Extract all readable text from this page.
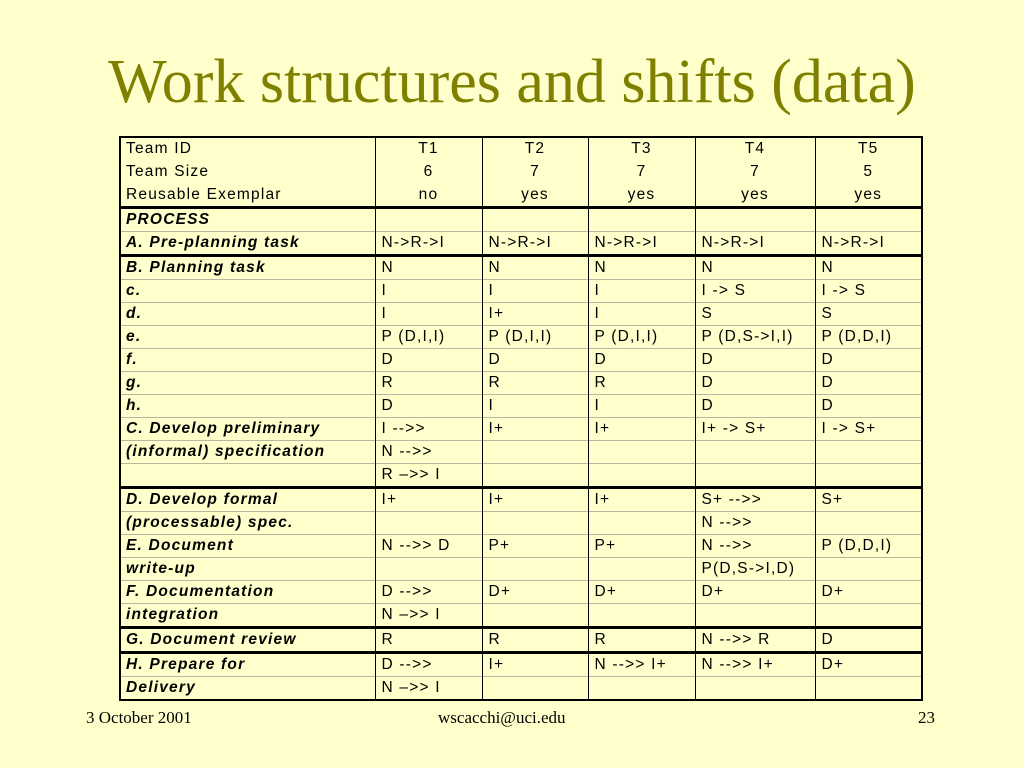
Work structures and shifts (data)
Team ID	T1	T2	T3	T4	T5
Team Size	6	7	7	7	5
Reusable Exemplar	no	yes	yes	yes	yes
PROCESS					
A. Pre-planning task	N->R->I	N->R->I	N->R->I	N->R->I	N->R->I
B. Planning task	N	N	N	N	N
c.	I	I	I	I -> S	I -> S
d.	I	I+	I	S	S
e.	P (D,I,I)	P (D,I,I)	P (D,I,I)	P (D,S->I,I)	P (D,D,I)
f.	D	D	D	D	D
g.	R	R	R	D	D
h.	D	I	I	D	D
C. Develop preliminary	I -->>	I+	I+	I+ -> S+	I -> S+
(informal) specification	N -->>				
	R –>> I				
D. Develop formal	I+	I+	I+	S+ -->>	S+
(processable) spec.				N -->>	
E. Document	N -->> D	P+	P+	N -->>	P (D,D,I)
write-up				P(D,S->I,D)	
F. Documentation	D -->>	D+	D+	D+	D+
integration	N –>> I				
G. Document review	R	R	R	N -->> R	D
H. Prepare for	D -->>	I+	N -->> I+	N -->> I+	D+
Delivery	N –>> I				
3 October 2001	wscacchi@uci.edu	23
